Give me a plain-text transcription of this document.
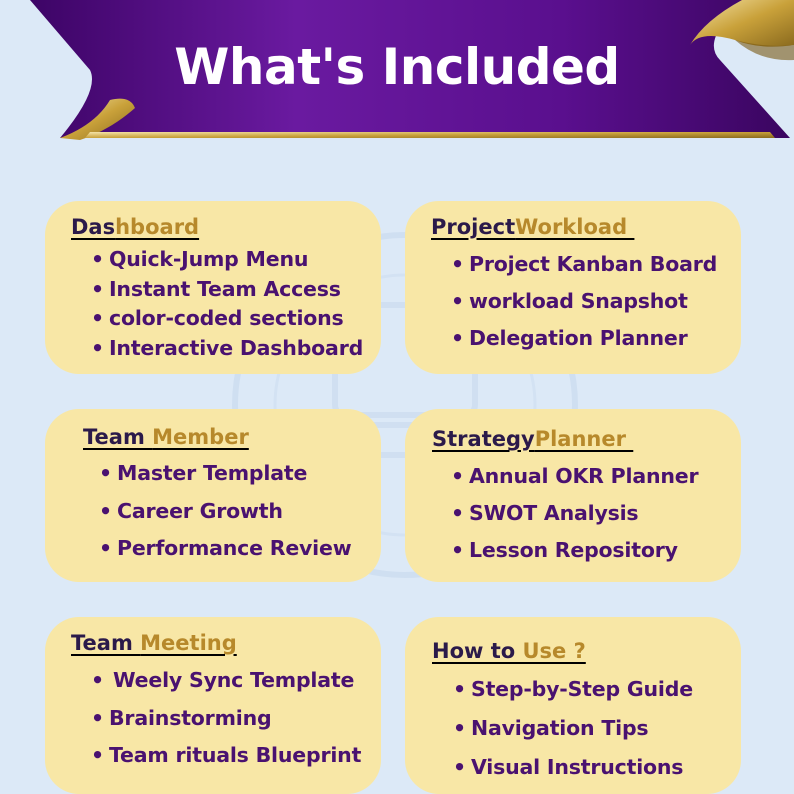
What's Included
Dashboard
• Quick-Jump Menu
• Instant Team Access
• color-coded sections
• Interactive Dashboard
ProjectWorkload
• Project Kanban Board
• workload Snapshot
• Delegation Planner
Team Member
• Master Template
• Career Growth
• Performance Review
StrategyPlanner
• Annual OKR Planner
• SWOT Analysis
• Lesson Repository
Team Meeting
• Weely Sync Template
• Brainstorming
• Team rituals Blueprint
How to Use ?
• Step-by-Step Guide
• Navigation Tips
• Visual Instructions
